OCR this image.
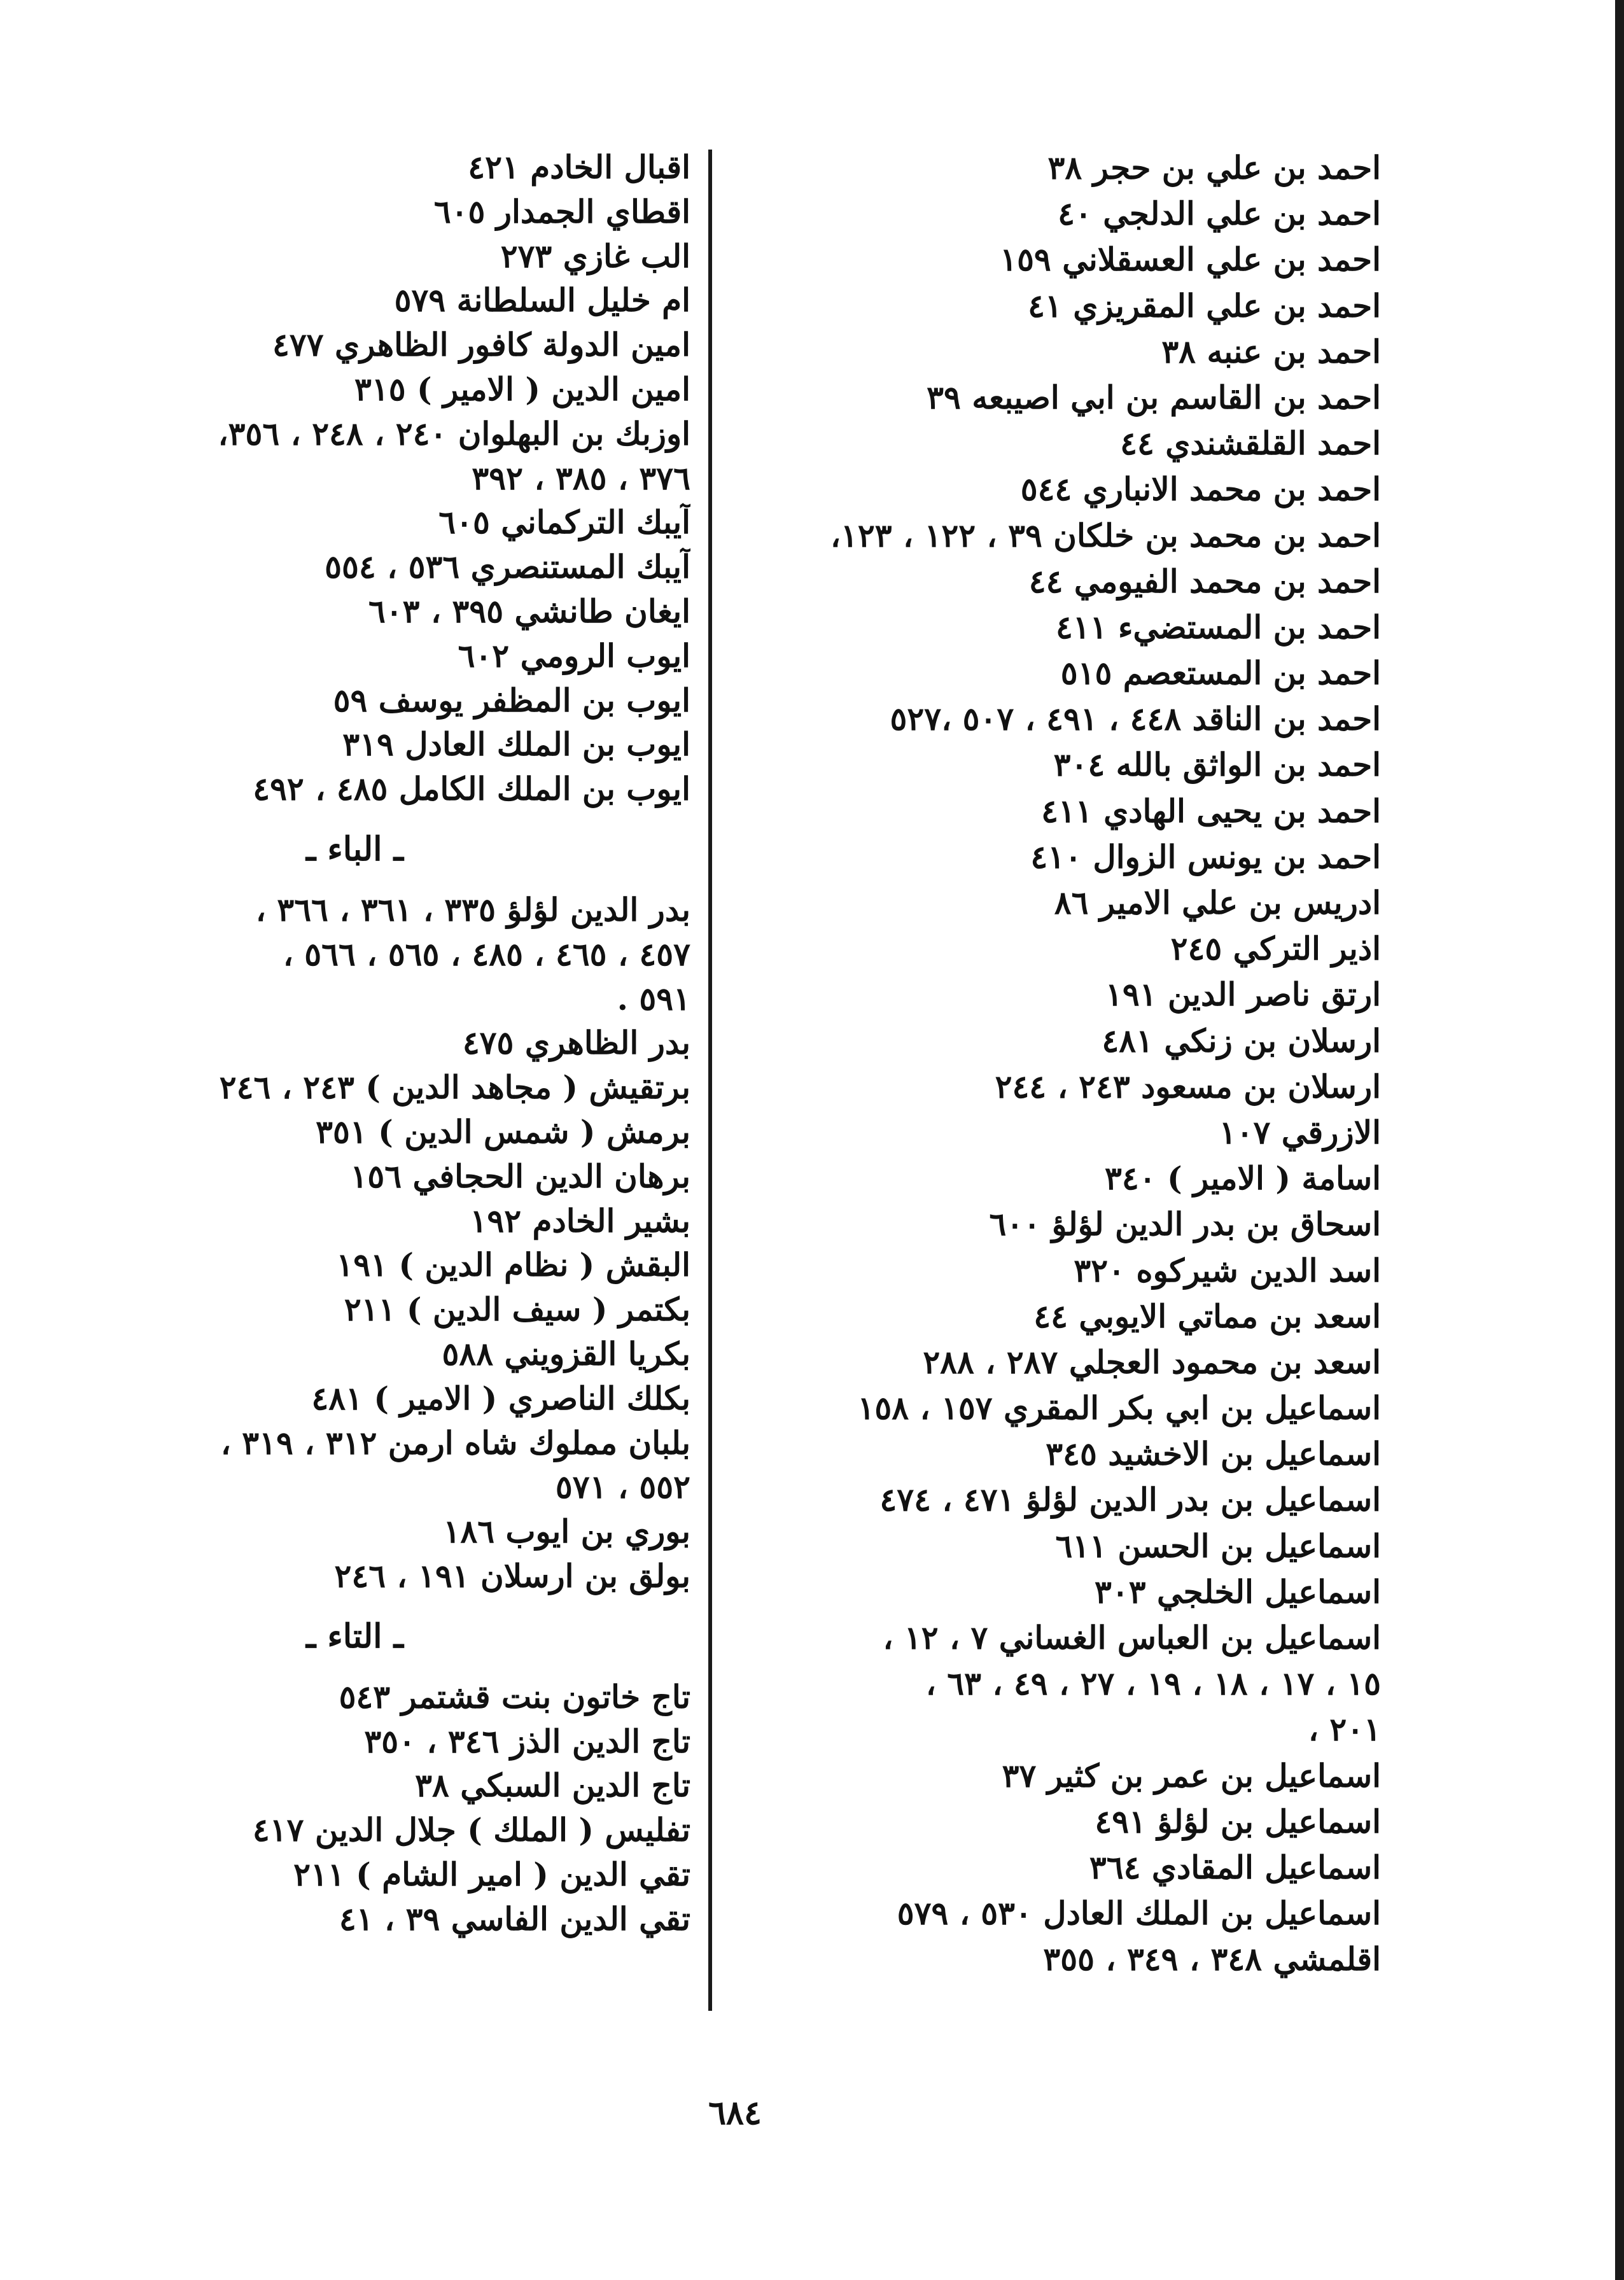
احمد بن علي بن حجر ٣٨
احمد بن علي الدلجي ٤٠
احمد بن علي العسقلاني ١٥٩
احمد بن علي المقريزي ٤١
احمد بن عنبه ٣٨
احمد بن القاسم بن ابي اصيبعه ٣٩
احمد القلقشندي ٤٤
احمد بن محمد الانباري ٥٤٤
احمد بن محمد بن خلكان ٣٩ ، ١٢٢ ، ١٢٣،
احمد بن محمد الفيومي ٤٤
احمد بن المستضيء ٤١١
احمد بن المستعصم ٥١٥
احمد بن الناقد ٤٤٨ ، ٤٩١ ، ٥٠٧ ،٥٢٧
احمد بن الواثق بالله ٣٠٤
احمد بن يحيى الهادي ٤١١
احمد بن يونس الزوال ٤١٠
ادريس بن علي الامير ٨٦
اذير التركي ٢٤٥
ارتق ناصر الدين ١٩١
ارسلان بن زنكي ٤٨١
ارسلان بن مسعود ٢٤٣ ، ٢٤٤
الازرقي ١٠٧
اسامة ( الامير ) ٣٤٠
اسحاق بن بدر الدين لؤلؤ ٦٠٠
اسد الدين شيركوه ٣٢٠
اسعد بن مماتي الايوبي ٤٤
اسعد بن محمود العجلي ٢٨٧ ، ٢٨٨
اسماعيل بن ابي بكر المقري ١٥٧ ، ١٥٨
اسماعيل بن الاخشيد ٣٤٥
اسماعيل بن بدر الدين لؤلؤ ٤٧١ ، ٤٧٤
اسماعيل بن الحسن ٦١١
اسماعيل الخلجي ٣٠٣
اسماعيل بن العباس الغساني ٧ ، ١٢ ،
١٥ ، ١٧ ، ١٨ ، ١٩ ، ٢٧ ، ٤٩ ، ٦٣ ،
٢٠١ ،
اسماعيل بن عمر بن كثير ٣٧
اسماعيل بن لؤلؤ ٤٩١
اسماعيل المقادي ٣٦٤
اسماعيل بن الملك العادل ٥٣٠ ، ٥٧٩
اقلمشي ٣٤٨ ، ٣٤٩ ، ٣٥٥
اقبال الخادم ٤٢١
اقطاي الجمدار ٦٠٥
الب غازي ٢٧٣
ام خليل السلطانة ٥٧٩
امين الدولة كافور الظاهري ٤٧٧
امين الدين ( الامير ) ٣١٥
اوزبك بن البهلوان ٢٤٠ ، ٢٤٨ ، ٣٥٦،
٣٧٦ ، ٣٨٥ ، ٣٩٢
آيبك التركماني ٦٠٥
آيبك المستنصري ٥٣٦ ، ٥٥٤
ايغان طانشي ٣٩٥ ، ٦٠٣
ايوب الرومي ٦٠٢
ايوب بن المظفر يوسف ٥٩
ايوب بن الملك العادل ٣١٩
ايوب بن الملك الكامل ٤٨٥ ، ٤٩٢
ـ الباء ـ
بدر الدين لؤلؤ ٣٣٥ ، ٣٦١ ، ٣٦٦ ،
٤٥٧ ، ٤٦٥ ، ٤٨٥ ، ٥٦٥ ، ٥٦٦ ،
٥٩١ .
بدر الظاهري ٤٧٥
برتقيش ( مجاهد الدين ) ٢٤٣ ، ٢٤٦
برمش ( شمس الدين ) ٣٥١
برهان الدين الحجافي ١٥٦
بشير الخادم ١٩٢
البقش ( نظام الدين ) ١٩١
بكتمر ( سيف الدين ) ٢١١
بكريا القزويني ٥٨٨
بكلك الناصري ( الامير ) ٤٨١
بلبان مملوك شاه ارمن ٣١٢ ، ٣١٩ ،
٥٥٢ ، ٥٧١
بوري بن ايوب ١٨٦
بولق بن ارسلان ١٩١ ، ٢٤٦
ـ التاء ـ
تاج خاتون بنت قشتمر ٥٤٣
تاج الدين الذز ٣٤٦ ، ٣٥٠
تاج الدين السبكي ٣٨
تفليس ( الملك ) جلال الدين ٤١٧
تقي الدين ( امير الشام ) ٢١١
تقي الدين الفاسي ٣٩ ، ٤١
٦٨٤
